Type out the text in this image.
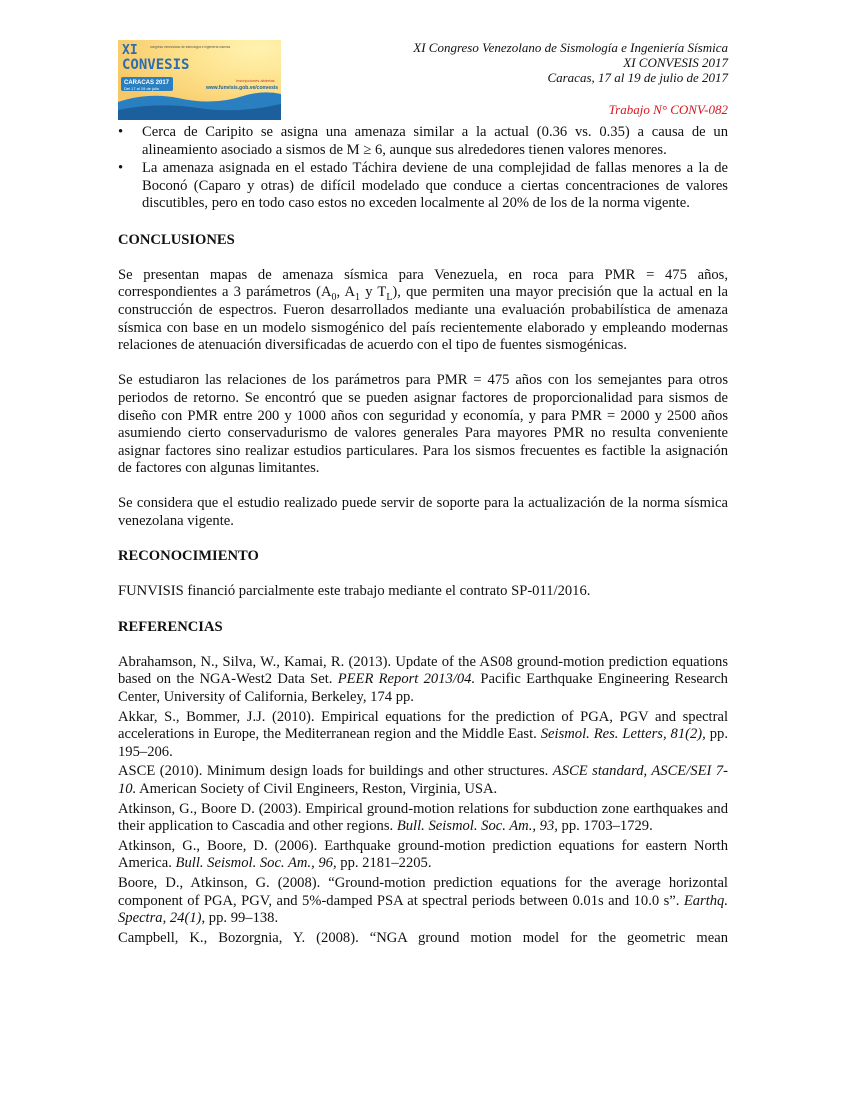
XI
CONVESIS
congreso venezolano de sismología e ingeniería sísmica
CARACAS 2017
Del 17 al 19 de julio
Inscripciones abiertas
www.funvisis.gob.ve/convesis
XI Congreso Venezolano de Sismología e Ingeniería Sísmica
XI CONVESIS 2017
Caracas, 17 al 19 de julio de 2017
Trabajo N° CONV-082
• Cerca de Caripito se asigna una amenaza similar a la actual (0.36 vs. 0.35) a causa de un alineamiento asociado a sismos de M ≥ 6, aunque sus alrededores tienen valores menores.
• La amenaza asignada en el estado Táchira deviene de una complejidad de fallas menores a la de Boconó (Caparo y otras) de difícil modelado que conduce a ciertas concentraciones de valores discutibles, pero en todo caso estos no exceden localmente al 20% de los de la norma vigente.
CONCLUSIONES

Se presentan mapas de amenaza sísmica para Venezuela, en roca para PMR = 475 años, correspondientes a 3 parámetros ($A_0$, $A_1$ y $T_L$), que permiten una mayor precisión que la actual en la construcción de espectros. Fueron desarrollados mediante una evaluación probabilística de amenaza sísmica con base en un modelo sismogénico del país recientemente elaborado y empleando modernas relaciones de atenuación diversificadas de acuerdo con el tipo de fuentes sismogénicas.

Se estudiaron las relaciones de los parámetros para PMR = 475 años con los semejantes para otros periodos de retorno. Se encontró que se pueden asignar factores de proporcionalidad para sismos de diseño con PMR entre 200 y 1000 años con seguridad y economía, y para PMR = 2000 y 2500 años asumiendo cierto conservadurismo de valores generales Para mayores PMR no resulta conveniente asignar factores sino realizar estudios particulares. Para los sismos frecuentes es factible la asignación de factores con algunas limitantes.

Se considera que el estudio realizado puede servir de soporte para la actualización de la norma sísmica venezolana vigente.

RECONOCIMIENTO

FUNVISIS financió parcialmente este trabajo mediante el contrato SP-011/2016.

REFERENCIAS

Abrahamson, N., Silva, W., Kamai, R. (2013). Update of the AS08 ground-motion prediction equations based on the NGA-West2 Data Set. PEER Report 2013/04. Pacific Earthquake Engineering Research Center, University of California, Berkeley, 174 pp.

Akkar, S., Bommer, J.J. (2010). Empirical equations for the prediction of PGA, PGV and spectral accelerations in Europe, the Mediterranean region and the Middle East. Seismol. Res. Letters, 81(2), pp. 195–206.

ASCE (2010). Minimum design loads for buildings and other structures. ASCE standard, ASCE/SEI 7-10. American Society of Civil Engineers, Reston, Virginia, USA.

Atkinson, G., Boore D. (2003). Empirical ground-motion relations for subduction zone earthquakes and their application to Cascadia and other regions. Bull. Seismol. Soc. Am., 93, pp. 1703–1729.

Atkinson, G., Boore, D. (2006). Earthquake ground-motion prediction equations for eastern North America. Bull. Seismol. Soc. Am., 96, pp. 2181–2205.

Boore, D., Atkinson, G. (2008). “Ground-motion prediction equations for the average horizontal component of PGA, PGV, and 5%-damped PSA at spectral periods between 0.01s and 10.0 s”. Earthq. Spectra, 24(1), pp. 99–138.

Campbell, K., Bozorgnia, Y. (2008). “NGA ground motion model for the geometric mean
